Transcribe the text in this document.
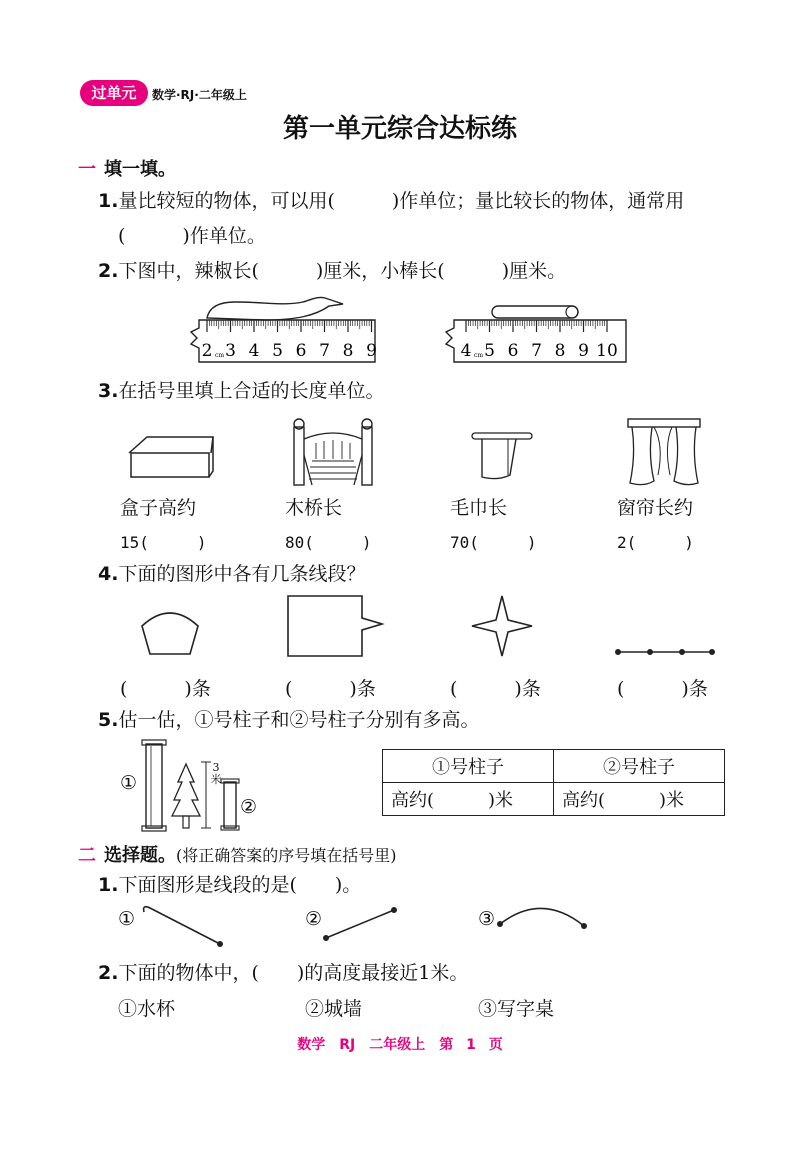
过单元	数学·RJ·二年级上
第一单元综合达标练
一 填一填。
1.量比较短的物体，可以用(　　　)作单位；量比较长的物体，通常用
(　　　)作单位。
2.下图中，辣椒长(　　　)厘米，小棒长(　　　)厘米。
2 3 4 5 6 7 8 9
cm	4 5 6 7 8 9 10
cm
3.在括号里填上合适的长度单位。
盒子高约	木桥长	毛巾长	窗帘长约
15(　　　)	80(　　　)	70(　　　)	2(　　　)
4.下面的图形中各有几条线段？
(　　　)条	(　　　)条	(　　　)条	(　　　)条
5.估一估，①号柱子和②号柱子分别有多高。
①
3米
②
①号柱子	②号柱子
高约(　　　)米	高约(　　　)米
二 选择题。(将正确答案的序号填在括号里)
1.下面图形是线段的是(　　)。
①	②	③
2.下面的物体中，(　　)的高度最接近1米。
①水杯	②城墙	③写字桌
数学　RJ　二年级上　第 1 页
